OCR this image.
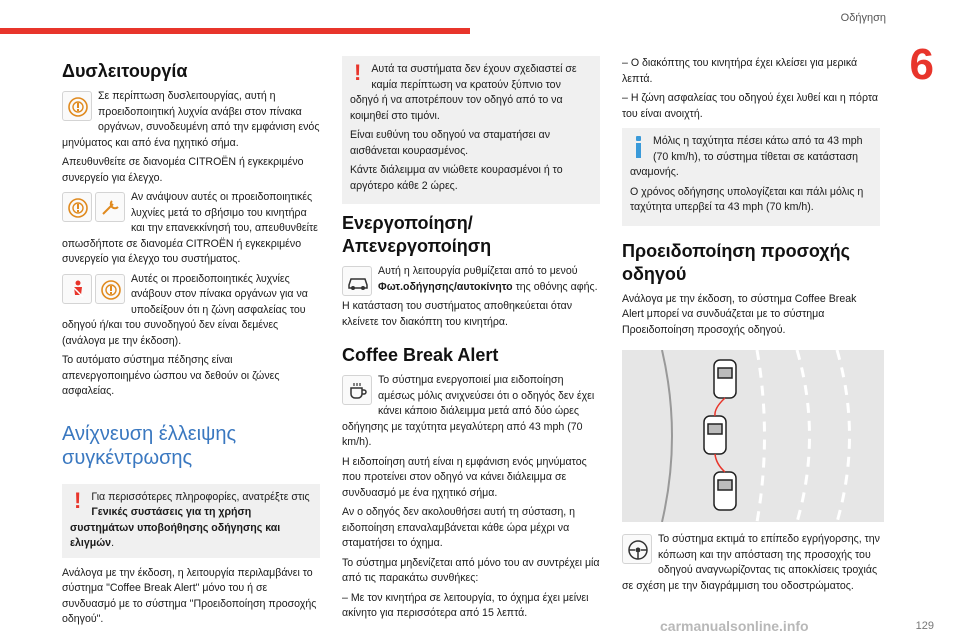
Οδήγηση
6
129
carmanualsonline.info
Δυσλειτουργία

Σε περίπτωση δυσλειτουργίας, αυτή η προειδοποιητική λυχνία ανάβει στον πίνακα οργάνων, συνοδευμένη από την εμφάνιση ενός μηνύματος και από ένα ηχητικό σήμα.

Απευθυνθείτε σε διανομέα CITROËN ή εγκεκριμένο συνεργείο για έλεγχο.

Αν ανάψουν αυτές οι προειδοποιητικές λυχνίες μετά το σβήσιμο του κινητήρα και την επανεκκίνησή του, απευθυνθείτε οπωσδήποτε σε διανομέα CITROËN ή εγκεκριμένο συνεργείο για έλεγχο του συστήματος.

Αυτές οι προειδοποιητικές λυχνίες ανάβουν στον πίνακα οργάνων για να υποδείξουν ότι η ζώνη ασφαλείας του οδηγού ή/και του συνοδηγού δεν είναι δεμένες (ανάλογα με την έκδοση).

Το αυτόματο σύστημα πέδησης είναι απενεργοποιημένο ώσπου να δεθούν οι ζώνες ασφαλείας.

Ανίχνευση έλλειψης συγκέντρωσης
! Για περισσότερες πληροφορίες, ανατρέξτε στις Γενικές συστάσεις για τη χρήση συστημάτων υποβοήθησης οδήγησης και ελιγμών.

Ανάλογα με την έκδοση, η λειτουργία περιλαμβάνει το σύστημα "Coffee Break Alert" μόνο του ή σε συνδυασμό με το σύστημα "Προειδοποίηση προσοχής οδηγού".

! Αυτά τα συστήματα δεν έχουν σχεδιαστεί σε καμία περίπτωση να κρατούν ξύπνιο τον οδηγό ή να αποτρέπουν τον οδηγό από το να κοιμηθεί στο τιμόνι.

Είναι ευθύνη του οδηγού να σταματήσει αν αισθάνεται κουρασμένος.

Κάντε διάλειμμα αν νιώθετε κουρασμένοι ή το αργότερο κάθε 2 ώρες.

Ενεργοποίηση/ Απενεργοποίηση

Αυτή η λειτουργία ρυθμίζεται από το μενού Φωτ.οδήγησης/αυτοκίνητο της οθόνης αφής.

Η κατάσταση του συστήματος αποθηκεύεται όταν κλείνετε τον διακόπτη του κινητήρα.

Coffee Break Alert

Το σύστημα ενεργοποιεί μια ειδοποίηση αμέσως μόλις ανιχνεύσει ότι ο οδηγός δεν έχει κάνει κάποιο διάλειμμα μετά από δύο ώρες οδήγησης με ταχύτητα μεγαλύτερη από 43 mph (70 km/h).

Η ειδοποίηση αυτή είναι η εμφάνιση ενός μηνύματος που προτείνει στον οδηγό να κάνει διάλειμμα σε συνδυασμό με ένα ηχητικό σήμα.

Αν ο οδηγός δεν ακολουθήσει αυτή τη σύσταση, η ειδοποίηση επαναλαμβάνεται κάθε ώρα μέχρι να σταματήσει το όχημα.

Το σύστημα μηδενίζεται από μόνο του αν συντρέχει μία από τις παρακάτω συνθήκες:

– Με τον κινητήρα σε λειτουργία, το όχημα έχει μείνει ακίνητο για περισσότερα από 15 λεπτά.

– Ο διακόπτης του κινητήρα έχει κλείσει για μερικά λεπτά.

– Η ζώνη ασφαλείας του οδηγού έχει λυθεί και η πόρτα του είναι ανοιχτή.

Μόλις η ταχύτητα πέσει κάτω από τα 43 mph (70 km/h), το σύστημα τίθεται σε κατάσταση αναμονής.

Ο χρόνος οδήγησης υπολογίζεται και πάλι μόλις η ταχύτητα υπερβεί τα 43 mph (70 km/h).

Προειδοποίηση προσοχής οδηγού

Ανάλογα με την έκδοση, το σύστημα Coffee Break Alert μπορεί να συνδυάζεται με το σύστημα Προειδοποίηση προσοχής οδηγού.

Το σύστημα εκτιμά το επίπεδο εγρήγορσης, την κόπωση και την απόσταση της προσοχής του οδηγού αναγνωρίζοντας τις αποκλίσεις τροχιάς σε σχέση με την διαγράμμιση του οδοστρώματος.
